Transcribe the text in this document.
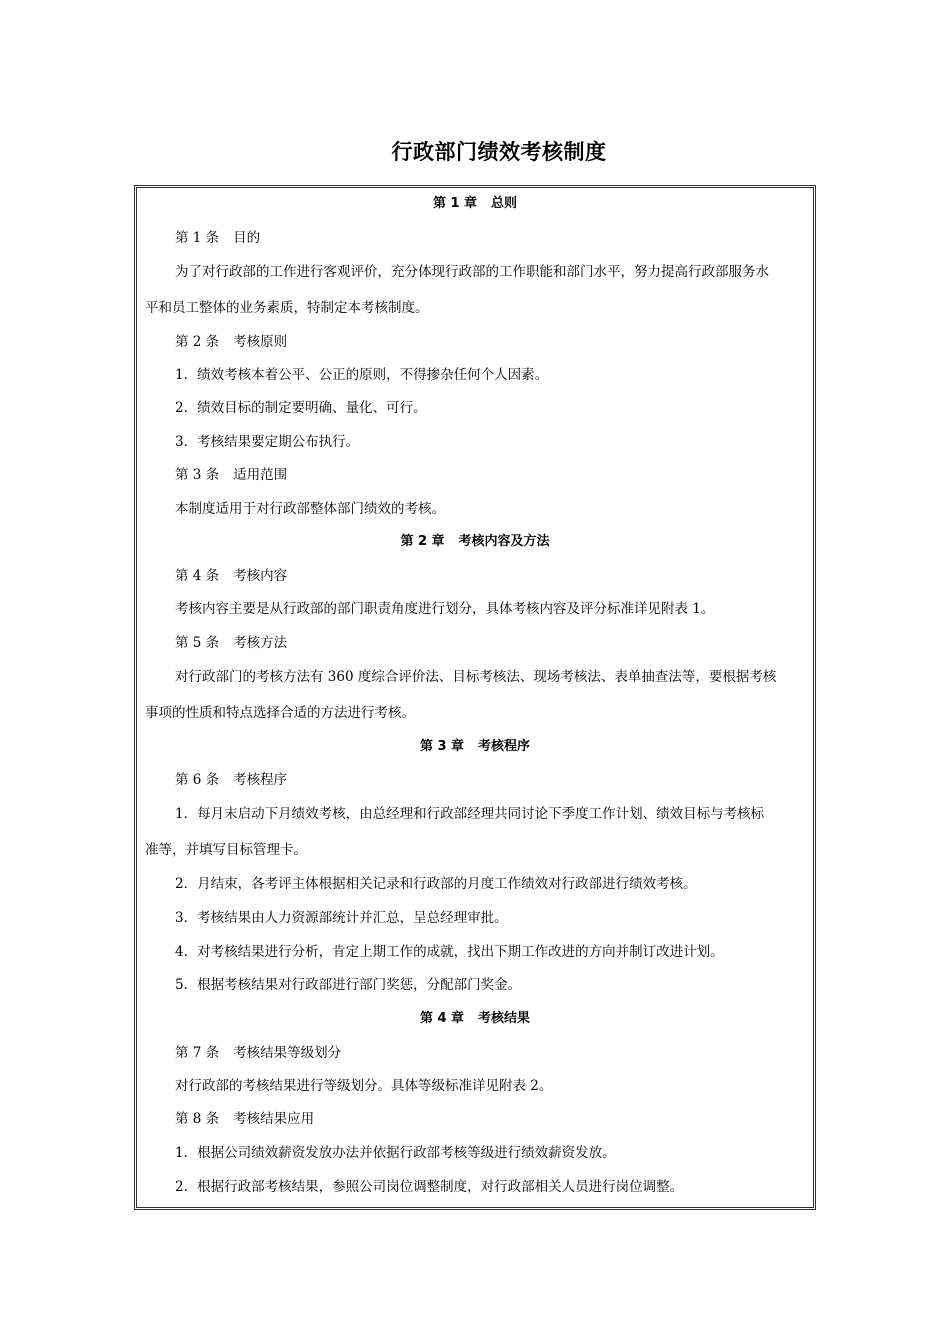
行政部门绩效考核制度
第 1 章 总则
第 1 条 目的
为了对行政部的工作进行客观评价，充分体现行政部的工作职能和部门水平，努力提高行政部服务水
平和员工整体的业务素质，特制定本考核制度。
第 2 条 考核原则
1．绩效考核本着公平、公正的原则，不得掺杂任何个人因素。
2．绩效目标的制定要明确、量化、可行。
3．考核结果要定期公布执行。
第 3 条 适用范围
本制度适用于对行政部整体部门绩效的考核。
第 2 章 考核内容及方法
第 4 条 考核内容
考核内容主要是从行政部的部门职责角度进行划分，具体考核内容及评分标准详见附表 1。
第 5 条 考核方法
对行政部门的考核方法有 360 度综合评价法、目标考核法、现场考核法、表单抽查法等，要根据考核
事项的性质和特点选择合适的方法进行考核。
第 3 章 考核程序
第 6 条 考核程序
1．每月末启动下月绩效考核，由总经理和行政部经理共同讨论下季度工作计划、绩效目标与考核标
准等，并填写目标管理卡。
2．月结束，各考评主体根据相关记录和行政部的月度工作绩效对行政部进行绩效考核。
3．考核结果由人力资源部统计并汇总，呈总经理审批。
4．对考核结果进行分析，肯定上期工作的成就，找出下期工作改进的方向并制订改进计划。
5．根据考核结果对行政部进行部门奖惩，分配部门奖金。
第 4 章 考核结果
第 7 条 考核结果等级划分
对行政部的考核结果进行等级划分。具体等级标准详见附表 2。
第 8 条 考核结果应用
1．根据公司绩效薪资发放办法并依据行政部考核等级进行绩效薪资发放。
2．根据行政部考核结果，参照公司岗位调整制度，对行政部相关人员进行岗位调整。
